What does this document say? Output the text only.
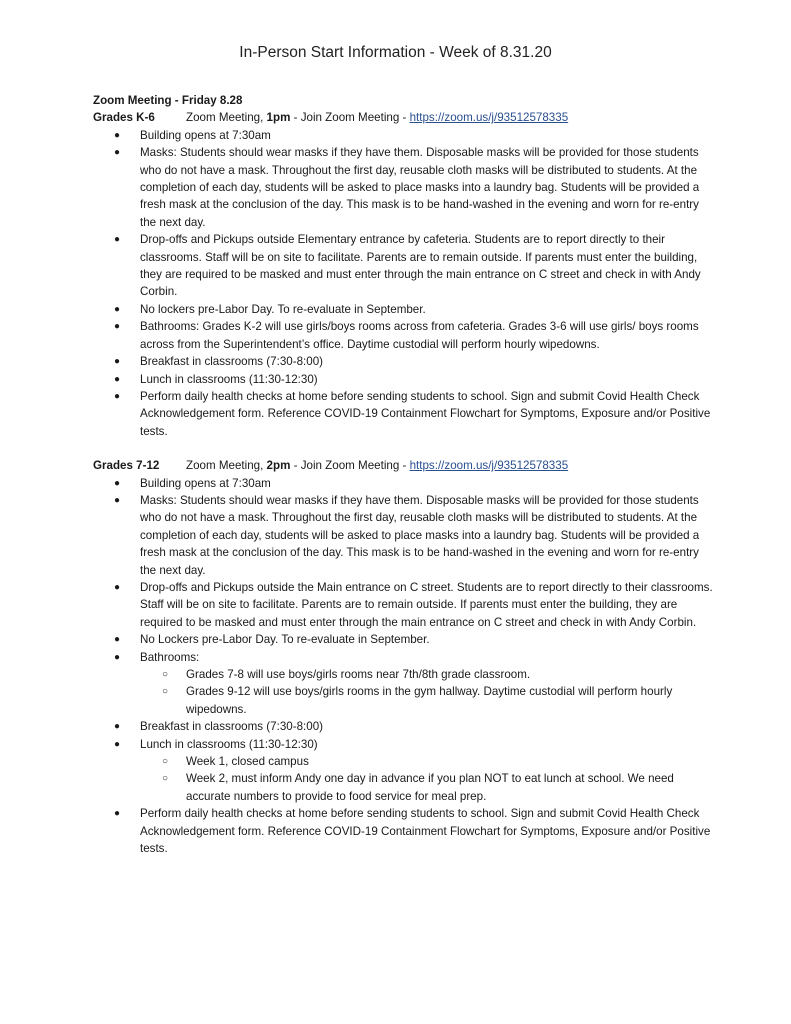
In-Person Start Information - Week of 8.31.20
Zoom Meeting - Friday 8.28
Grades K-6	Zoom Meeting, 1pm - Join Zoom Meeting - https://zoom.us/j/93512578335
● Building opens at 7:30am
● Masks: Students should wear masks if they have them. Disposable masks will be provided for those students who do not have a mask. Throughout the first day, reusable cloth masks will be distributed to students. At the completion of each day, students will be asked to place masks into a laundry bag. Students will be provided a fresh mask at the conclusion of the day. This mask is to be hand-washed in the evening and worn for re-entry the next day.
● Drop-offs and Pickups outside Elementary entrance by cafeteria. Students are to report directly to their classrooms. Staff will be on site to facilitate. Parents are to remain outside. If parents must enter the building, they are required to be masked and must enter through the main entrance on C street and check in with Andy Corbin.
● No lockers pre-Labor Day. To re-evaluate in September.
● Bathrooms: Grades K-2 will use girls/boys rooms across from cafeteria. Grades 3-6 will use girls/ boys rooms across from the Superintendent’s office. Daytime custodial will perform hourly wipedowns.
● Breakfast in classrooms (7:30-8:00)
● Lunch in classrooms (11:30-12:30)
● Perform daily health checks at home before sending students to school. Sign and submit Covid Health Check Acknowledgement form. Reference COVID-19 Containment Flowchart for Symptoms, Exposure and/or Positive tests.
Grades 7-12	Zoom Meeting, 2pm - Join Zoom Meeting - https://zoom.us/j/93512578335
● Building opens at 7:30am
● Masks: Students should wear masks if they have them. Disposable masks will be provided for those students who do not have a mask. Throughout the first day, reusable cloth masks will be distributed to students. At the completion of each day, students will be asked to place masks into a laundry bag. Students will be provided a fresh mask at the conclusion of the day. This mask is to be hand-washed in the evening and worn for re-entry the next day.
● Drop-offs and Pickups outside the Main entrance on C street. Students are to report directly to their classrooms. Staff will be on site to facilitate. Parents are to remain outside. If parents must enter the building, they are required to be masked and must enter through the main entrance on C street and check in with Andy Corbin.
● No Lockers pre-Labor Day. To re-evaluate in September.
● Bathrooms:
○ Grades 7-8 will use boys/girls rooms near 7th/8th grade classroom.
○ Grades 9-12 will use boys/girls rooms in the gym hallway. Daytime custodial will perform hourly wipedowns.
● Breakfast in classrooms (7:30-8:00)
● Lunch in classrooms (11:30-12:30)
○ Week 1, closed campus
○ Week 2, must inform Andy one day in advance if you plan NOT to eat lunch at school. We need accurate numbers to provide to food service for meal prep.
● Perform daily health checks at home before sending students to school. Sign and submit Covid Health Check Acknowledgement form. Reference COVID-19 Containment Flowchart for Symptoms, Exposure and/or Positive tests.
